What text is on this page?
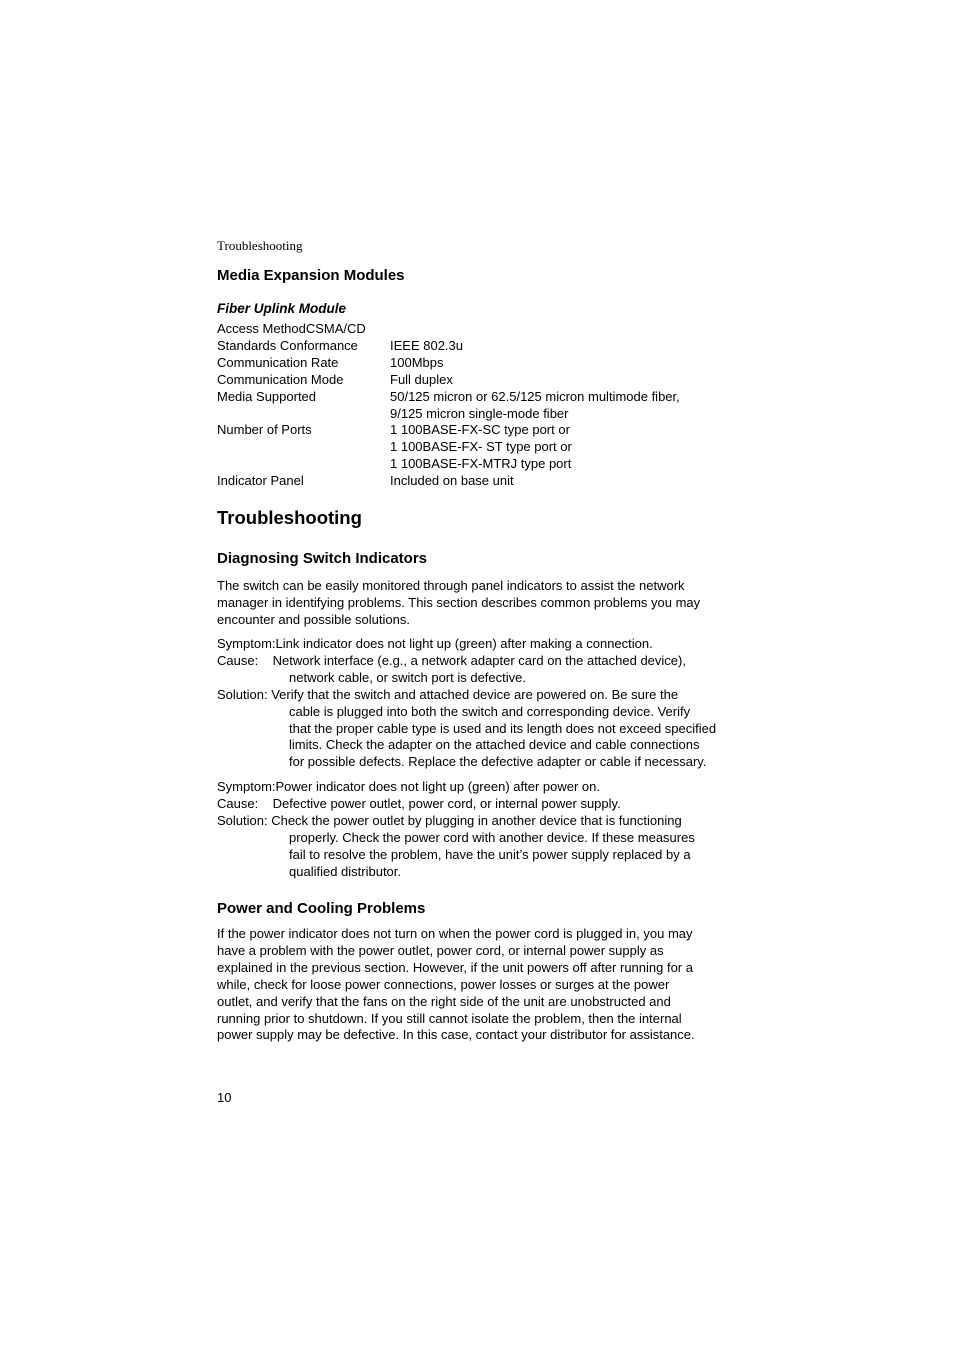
Troubleshooting
Media Expansion Modules
Fiber Uplink Module
Access MethodCSMA/CD
Standards Conformance	IEEE 802.3u
Communication Rate	100Mbps
Communication Mode	Full duplex
Media Supported	50/125 micron or 62.5/125 micron multimode fiber,
9/125 micron single-mode fiber
Number of Ports	1 100BASE-FX-SC type port or
1 100BASE-FX- ST type port or
1 100BASE-FX-MTRJ type port
Indicator Panel	Included on base unit
Troubleshooting
Diagnosing Switch Indicators
The switch can be easily monitored through panel indicators to assist the network
manager in identifying problems. This section describes common problems you may
encounter and possible solutions.
Symptom:Link indicator does not light up (green) after making a connection.
Cause:    Network interface (e.g., a network adapter card on the attached device),
network cable, or switch port is defective.
Solution: Verify that the switch and attached device are powered on. Be sure the
cable is plugged into both the switch and corresponding device. Verify
that the proper cable type is used and its length does not exceed specified
limits. Check the adapter on the attached device and cable connections
for possible defects. Replace the defective adapter or cable if necessary.
Symptom:Power indicator does not light up (green) after power on.
Cause:    Defective power outlet, power cord, or internal power supply.
Solution: Check the power outlet by plugging in another device that is functioning
properly. Check the power cord with another device. If these measures
fail to resolve the problem, have the unit’s power supply replaced by a
qualified distributor.
Power and Cooling Problems
If the power indicator does not turn on when the power cord is plugged in, you may
have a problem with the power outlet, power cord, or internal power supply as
explained in the previous section. However, if the unit powers off after running for a
while, check for loose power connections, power losses or surges at the power
outlet, and verify that the fans on the right side of the unit are unobstructed and
running prior to shutdown. If you still cannot isolate the problem, then the internal
power supply may be defective. In this case, contact your distributor for assistance.
10
